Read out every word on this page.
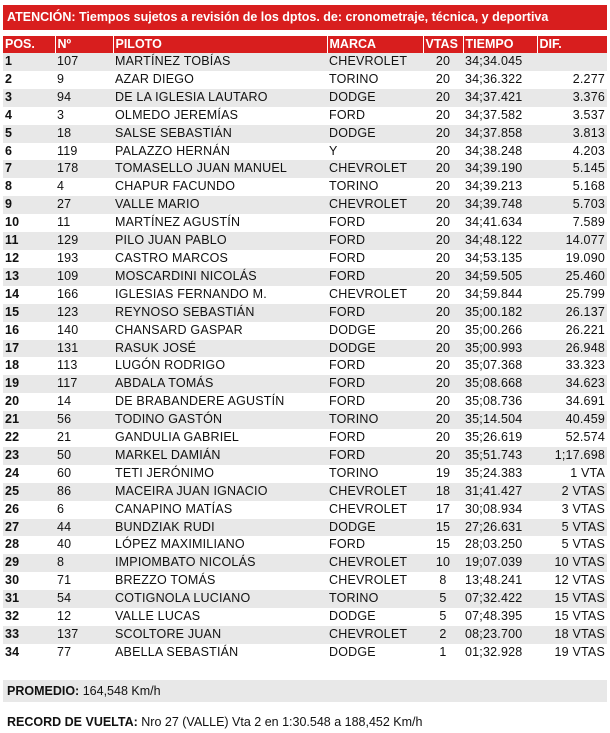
ATENCIÓN: Tiempos sujetos a revisión de los dptos. de: cronometraje, técnica, y deportiva
POS.	Nº	PILOTO	MARCA	VTAS	TIEMPO	DIF.
1	107	MARTÍNEZ TOBÍAS	CHEVROLET	20	34;34.045	
2	9	AZAR DIEGO	TORINO	20	34;36.322	2.277
3	94	DE LA IGLESIA LAUTARO	DODGE	20	34;37.421	3.376
4	3	OLMEDO JEREMÍAS	FORD	20	34;37.582	3.537
5	18	SALSE SEBASTIÁN	DODGE	20	34;37.858	3.813
6	119	PALAZZO HERNÁN	Y	20	34;38.248	4.203
7	178	TOMASELLO JUAN MANUEL	CHEVROLET	20	34;39.190	5.145
8	4	CHAPUR FACUNDO	TORINO	20	34;39.213	5.168
9	27	VALLE MARIO	CHEVROLET	20	34;39.748	5.703
10	11	MARTÍNEZ AGUSTÍN	FORD	20	34;41.634	7.589
11	129	PILO JUAN PABLO	FORD	20	34;48.122	14.077
12	193	CASTRO MARCOS	FORD	20	34;53.135	19.090
13	109	MOSCARDINI NICOLÁS	FORD	20	34;59.505	25.460
14	166	IGLESIAS FERNANDO M.	CHEVROLET	20	34;59.844	25.799
15	123	REYNOSO SEBASTIÁN	FORD	20	35;00.182	26.137
16	140	CHANSARD GASPAR	DODGE	20	35;00.266	26.221
17	131	RASUK JOSÉ	DODGE	20	35;00.993	26.948
18	113	LUGÓN RODRIGO	FORD	20	35;07.368	33.323
19	117	ABDALA TOMÁS	FORD	20	35;08.668	34.623
20	14	DE BRABANDERE AGUSTÍN	FORD	20	35;08.736	34.691
21	56	TODINO GASTÓN	TORINO	20	35;14.504	40.459
22	21	GANDULIA GABRIEL	FORD	20	35;26.619	52.574
23	50	MARKEL DAMIÁN	FORD	20	35;51.743	1;17.698
24	60	TETI JERÓNIMO	TORINO	19	35;24.383	1 VTA
25	86	MACEIRA JUAN IGNACIO	CHEVROLET	18	31;41.427	2 VTAS
26	6	CANAPINO MATÍAS	CHEVROLET	17	30;08.934	3 VTAS
27	44	BUNDZIAK RUDI	DODGE	15	27;26.631	5 VTAS
28	40	LÓPEZ MAXIMILIANO	FORD	15	28;03.250	5 VTAS
29	8	IMPIOMBATO NICOLÁS	CHEVROLET	10	19;07.039	10 VTAS
30	71	BREZZO TOMÁS	CHEVROLET	8	13;48.241	12 VTAS
31	54	COTIGNOLA LUCIANO	TORINO	5	07;32.422	15 VTAS
32	12	VALLE LUCAS	DODGE	5	07;48.395	15 VTAS
33	137	SCOLTORE JUAN	CHEVROLET	2	08;23.700	18 VTAS
34	77	ABELLA SEBASTIÁN	DODGE	1	01;32.928	19 VTAS
PROMEDIO: 164,548 Km/h
RECORD DE VUELTA: Nro 27 (VALLE) Vta 2 en 1:30.548 a 188,452 Km/h
